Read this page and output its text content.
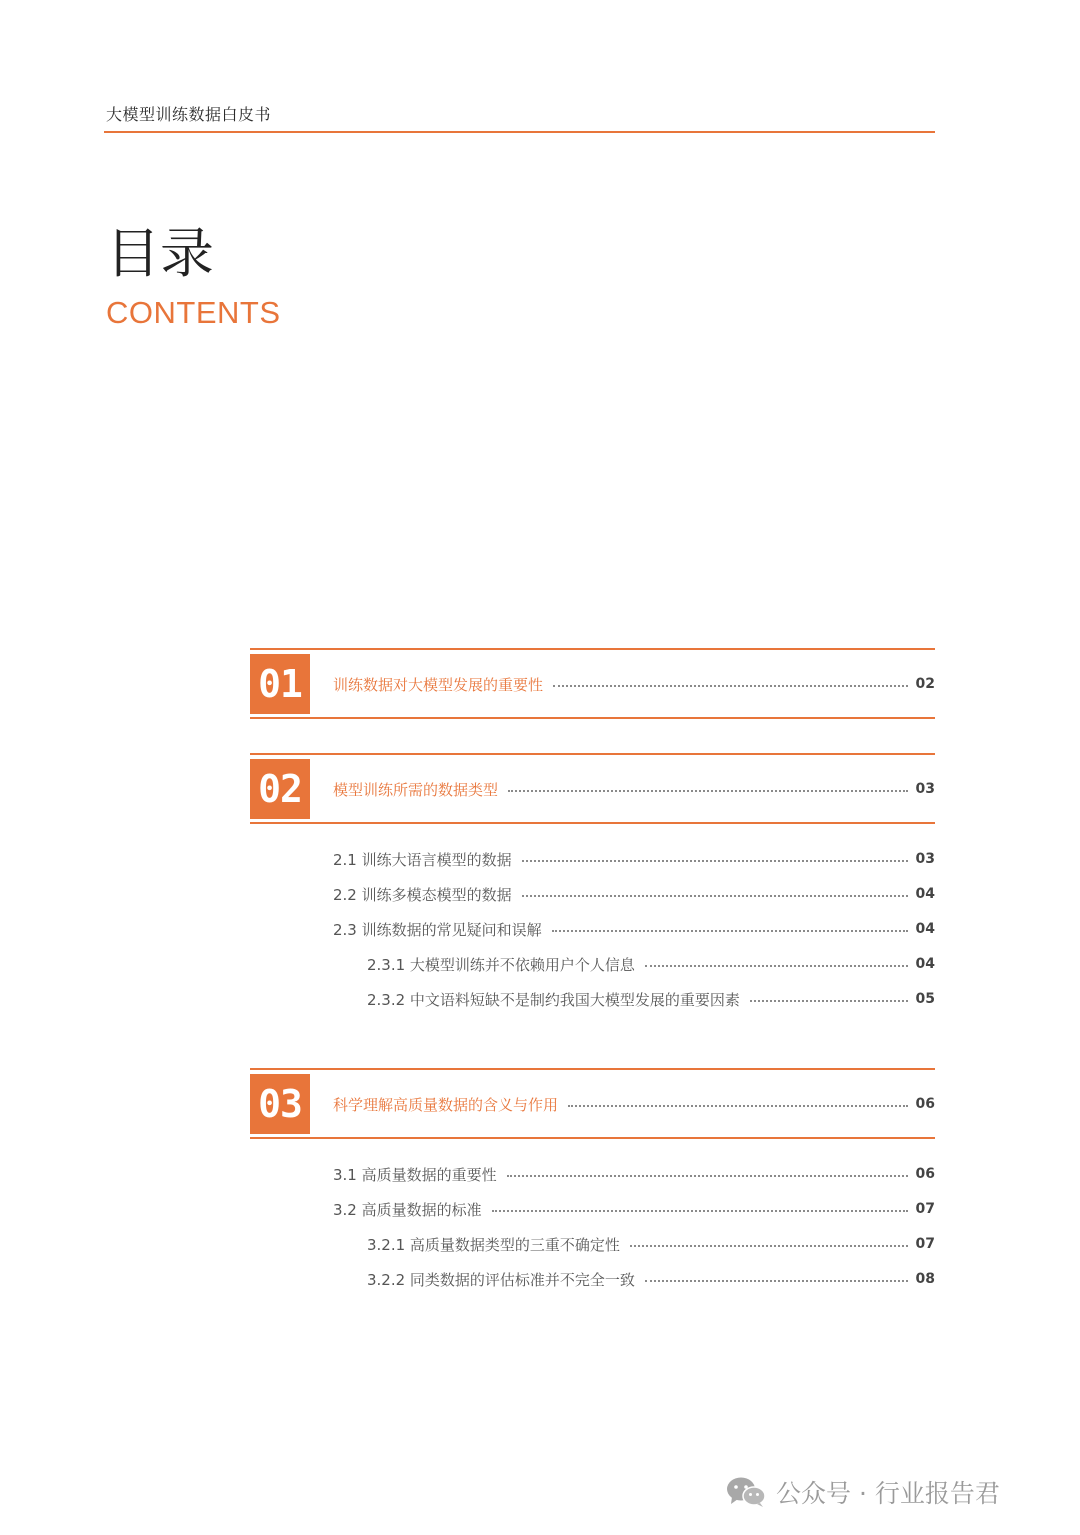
大模型训练数据白皮书
目录
CONTENTS
01	训练数据对大模型发展的重要性	02
02	模型训练所需的数据类型	03
2.1 训练大语言模型的数据	03
2.2 训练多模态模型的数据	04
2.3 训练数据的常见疑问和误解	04
2.3.1 大模型训练并不依赖用户个人信息	04
2.3.2 中文语料短缺不是制约我国大模型发展的重要因素	05
03	科学理解高质量数据的含义与作用	06
3.1 高质量数据的重要性	06
3.2 高质量数据的标准	07
3.2.1 高质量数据类型的三重不确定性	07
3.2.2 同类数据的评估标准并不完全一致	08
公众号 · 行业报告君
